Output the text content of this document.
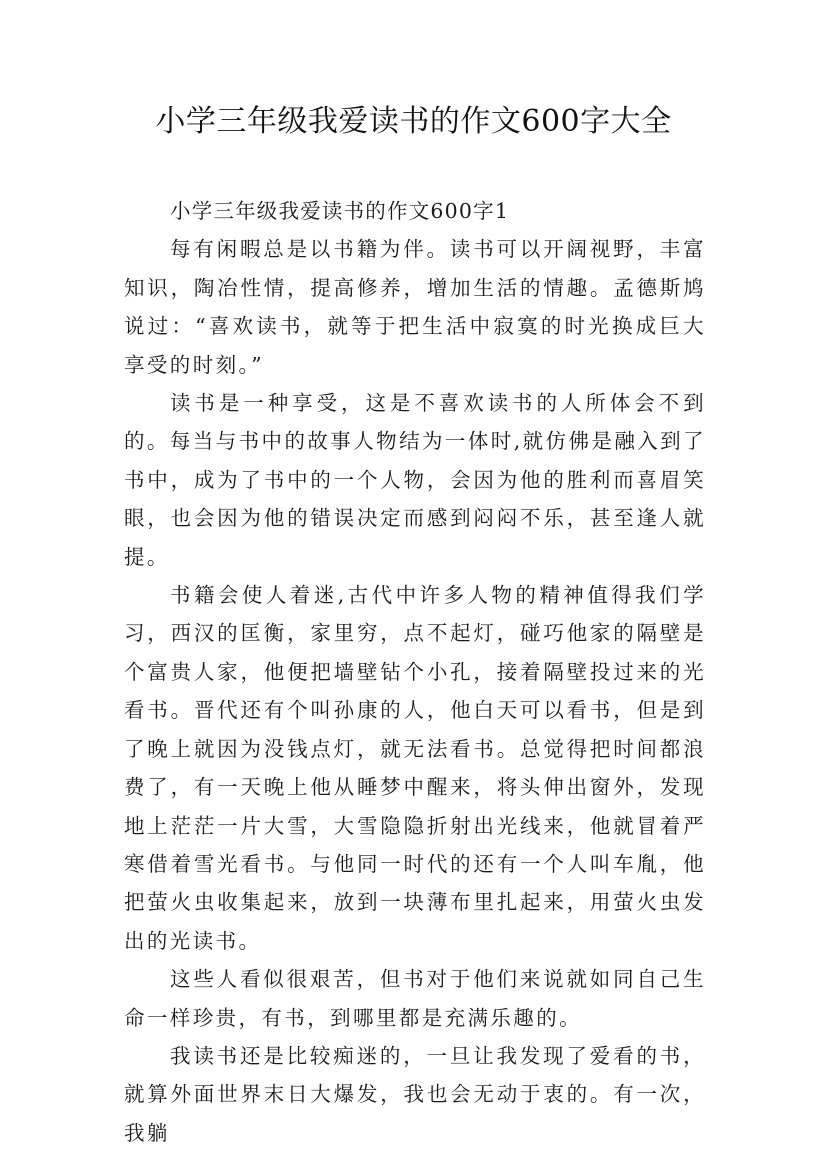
小学三年级我爱读书的作文600字大全

小学三年级我爱读书的作文600字1

每有闲暇总是以书籍为伴。读书可以开阔视野，丰富知识，陶冶性情，提高修养，增加生活的情趣。孟德斯鸠说过：“喜欢读书，就等于把生活中寂寞的时光换成巨大享受的时刻。”

读书是一种享受，这是不喜欢读书的人所体会不到的。每当与书中的故事人物结为一体时,就仿佛是融入到了书中，成为了书中的一个人物，会因为他的胜利而喜眉笑眼，也会因为他的错误决定而感到闷闷不乐，甚至逢人就提。

书籍会使人着迷,古代中许多人物的精神值得我们学习，西汉的匡衡，家里穷，点不起灯，碰巧他家的隔壁是个富贵人家，他便把墙壁钻个小孔，接着隔壁投过来的光看书。晋代还有个叫孙康的人，他白天可以看书，但是到了晚上就因为没钱点灯，就无法看书。总觉得把时间都浪费了，有一天晚上他从睡梦中醒来，将头伸出窗外，发现地上茫茫一片大雪，大雪隐隐折射出光线来，他就冒着严寒借着雪光看书。与他同一时代的还有一个人叫车胤，他把萤火虫收集起来，放到一块薄布里扎起来，用萤火虫发出的光读书。

这些人看似很艰苦，但书对于他们来说就如同自己生命一样珍贵，有书，到哪里都是充满乐趣的。

我读书还是比较痴迷的，一旦让我发现了爱看的书，就算外面世界末日大爆发，我也会无动于衷的。有一次，我躺
